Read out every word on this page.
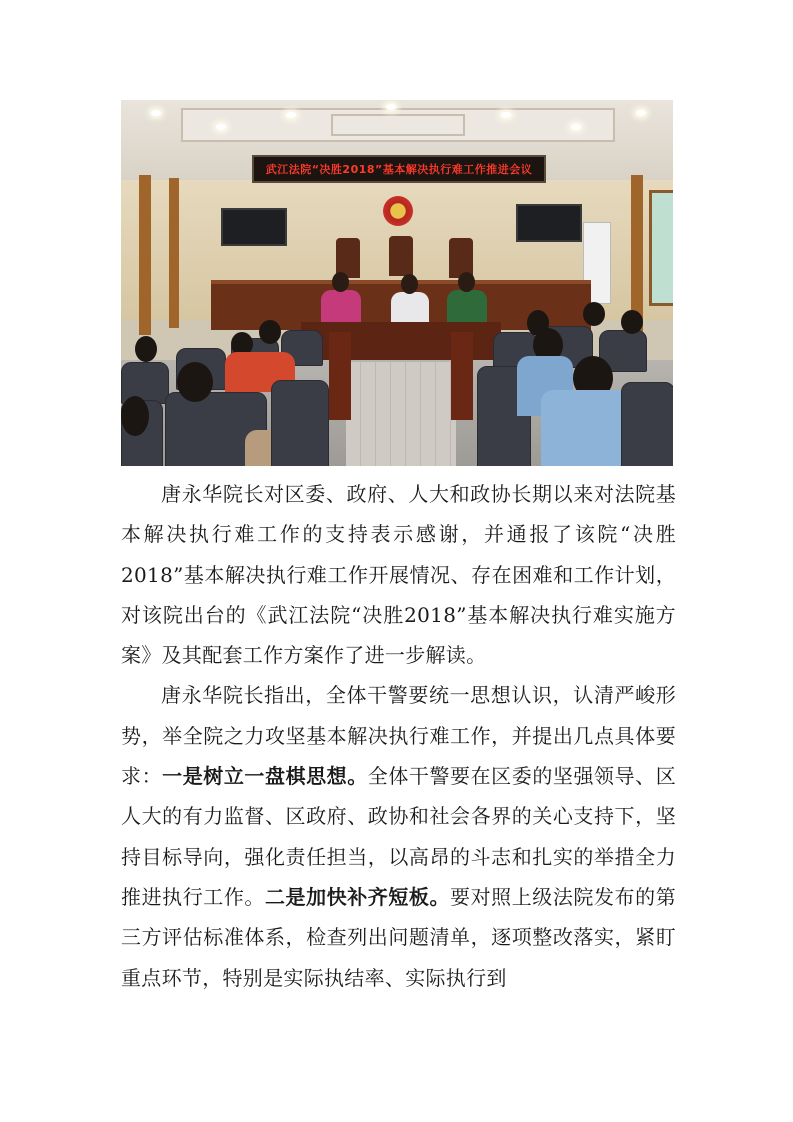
武江法院“决胜2018”基本解决执行难工作推进会议

唐永华院长对区委、政府、人大和政协长期以来对法院基本解决执行难工作的支持表示感谢，并通报了该院“决胜2018”基本解决执行难工作开展情况、存在困难和工作计划，对该院出台的《武江法院“决胜2018”基本解决执行难实施方案》及其配套工作方案作了进一步解读。

唐永华院长指出，全体干警要统一思想认识，认清严峻形势，举全院之力攻坚基本解决执行难工作，并提出几点具体要求：一是树立一盘棋思想。全体干警要在区委的坚强领导、区人大的有力监督、区政府、政协和社会各界的关心支持下，坚持目标导向，强化责任担当，以高昂的斗志和扎实的举措全力推进执行工作。二是加快补齐短板。要对照上级法院发布的第三方评估标准体系，检查列出问题清单，逐项整改落实，紧盯重点环节，特别是实际执结率、实际执行到
